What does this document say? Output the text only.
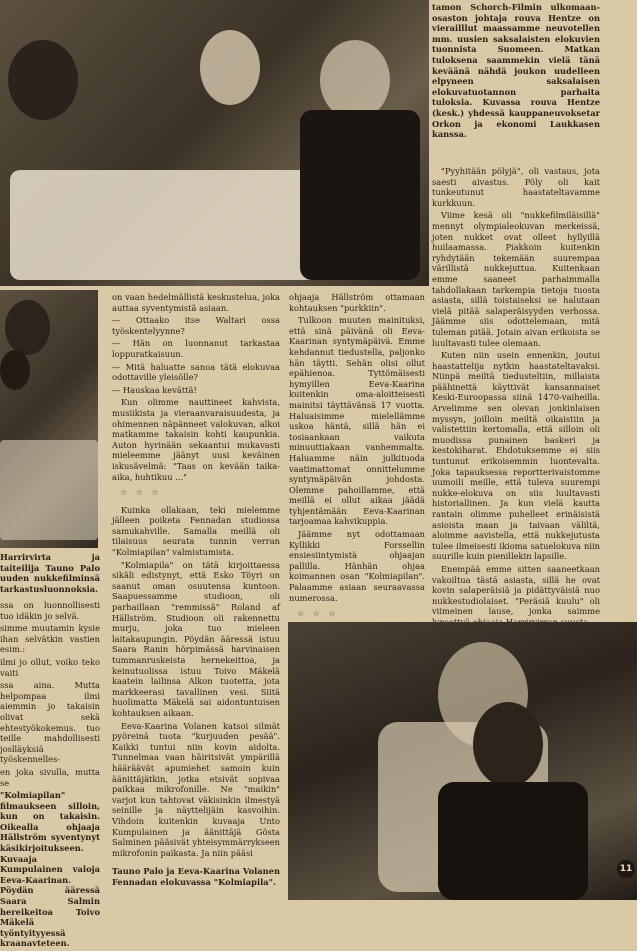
tamon Schorch-Filmin ulkomaan-osaston johtaja rouva Hentze on vierailllut maassamme neuvotellen mm. uusien saksalaisten elokuvien tuonnista Suomeen. Matkan tuloksena saammekin vielä tänä keväänä nähdä joukon uudelleen elpyneen saksalaisen elokuvatuotannon parhaita tuloksia. Kuvassa rouva Hentze (kesk.) yhdessä kauppaneuvoksetar Orkon ja ekonomi Laukkasen kanssa.

Harrirvirta ja taiteilija Tauno Palo uuden nukkefilminsä tarkastusluonnoksia.

ssa on luonnollisesti tuo idäkin jo selvä.

simme muutamin kysie ihan selvätkin vastien esim.:

ilmi jo ollut, voiko teko vaiti

ssa aina. Mutta helpompaa ilmi aiemmin jo takaisin olivat sekä ehtestyökokemus. tuo teille mahdollisesti joslläyksiä työskennelles-

en joka sivulla, mutta se

"Kolmiapilan" filmaukseen silloin, kun on takaisin. Oikealla ohjaaja Hällström syventynyt käsikirjoitukseen. Kuvaaja Kumpulainen valoja Eeva-Kaarinan. Pöydän ääressä Saara Salmin hereikeitoa Toivo Mäkelä työntyityyessä kraanavteteen.

on vaan hedelmällistä keskustelua, joka auttaa syventymistä asiaan.

— Ottaako itse Waltari ossa työskentelyynne?

— Hän on luonnanut tarkastaa loppuratkaisuun.

— Mitä haluatte sanoa tätä elokuvaa odottaville yleisölle?

— Hauskaa kevättä!

Kun olimme nauttineet kahvista, musiikista ja vieraanvaraisuudesta, ja ohimennen näpänneet valokuvan, alkoi matkamme takaisin kohti kaupunkia. Auton hyrinään sekaantui mukavasti mieleemme jäänyt uusi keväinen iskusävelmä: "Taas on kevään taika-aika, huhtikuu ..."

☆ ☆ ☆

Kuinka ollakaan, teki mielemme jälleen poiketa Fennadan studiossa samukahville. Samalla meillä oli tilaisuus seurata tunnin verran "Kolmiapilan" valmistumista.

"Kolmiapila" on tätä kirjoittaessa sikäli edistynyt, että Esko Töyri on saanut oman osuutensa kuntoon. Saapuessamme studioon, oli parhaillaan "remmissä" Roland af Hällström. Studioon oli rakennettu murju, joka tuo mieleen laitakaupungin. Pöydän ääressä istuu Saara Ranin hörpimässä harvinaisen tummanruskeista hernekeittoa, ja keinutuolissa istuu Toivo Mäkelä kaatein lailinsa Alkon tuotetta, jota markkeerasi tavallinen vesi. Siitä huolimatta Mäkelä sai aidontuntuisen kohtauksen aikaan.

Eeva-Kaarina Volanen katsoi silmät pyöreinä tuota "kurjuuden pesää". Kaikki tuntui niin kovin aidolta. Tunnelmaa vaan häiritsivät ympärillä hääräävät apumiehet samoin kuin äänittäjätkin, jotka etsivät sopivaa paikkaa mikrofonille. Ne "maikin" varjot kun tahtovat väkisinkin ilmestyä seinille ja näyttelijäin kasvoihin. Vihdoin kuitenkin kuvaaja Unto Kumpulainen ja äänittäjä Gösta Salminen pääsivät yhteisymmärrykseen mikrofonin paikasta. Ja niin pääsi

Tauno Palo ja Eeva-Kaarina Volanen Fennadan elokuvassa "Kolmiapila".

ohjaaja Hällström ottamaan kohtauksen "purkkiin".

Tulkoon muuten mainituksi, että sinä päivänä oli Eeva-Kaarinan syntymäpäivä. Emme kehdannut tiedustella, paljonko hän täytti. Sehän olisi ollut epähienoa. Tyttömäisesti hymyillen Eeva-Kaarina kuitenkin oma-aloitteisesti mainitsi täyttävänsä 17 vuotta. Haluaisimme mielellämme uskoa häntä, sillä hän ei tosiaankaan vaikuta minuuttiakaan vanhemmalta. Haluamme näin julkituoda vaatimattomat onnittelumme syntymäpäivän johdosta. Olemme pahoillamme, että meillä ei ollut aikaa jäädä tyhjentämään Eeva-Kaarinan tarjoamaa kahvikuppia.

Jäämme nyt odottamaan Kyllikki Forssellin ensiesiintymistä ohjaajan pallilla. Hänhän ohjaa koimannen osan "Kolmiapilan". Palaamme asiaan seuraavassa numerossa.

☆ ☆ ☆

"Pyyhitään pölyjä", oli vastaus, jota saesti aivastus. Pöly oli kait tunkeutunut haastateltavamme kurkkuun.

Viime kesä oli "nukkefilmiläisillä" mennyt olympialeokuvan merkeissä, joten nukket ovat olleet hyllyillä huilaamassa. Piakkoin kuitenkin ryhdytään tekemään suurempaa värillistä nukkejuttua. Kuitenkaan emme saaneet parhaimmalla tahdollakaan tarkempia tietoja tuosta asiasta, sillä toistaiseksi se halutaan vielä pitää salaperäisyyden verhossa. Jäämme siis odottelemaan, mitä tuleman pitää. Jotain aivan erikoista se luultavasti tulee olemaan.

Kuten niin usein ennenkin, joutui haastattelija nytkin haastateltavaksi. Niinpä meiltä tiedusteltiin, millaista päähinettä käyttivät kansannaiset Keski-Euroopassa siinä 1470-vaiheilla. Arvelimme sen olevan jonkinlaisen myssyn, joilloin meiltä oikaistiin ja valistettiin kertomalla, että silloin oli muodissa punainen baskeri ja kestokiharat. Ehdotuksemme ei siis tuntunut erikoisemmin luontevalta. Joka tapauksessa reportterivaistomme uumoili meille, että tuleva suurempi nukke-elokuva on siis luultavasti historiallinen. Ja kun vielä kautta rantain olimme puhelleet erinäisistä asioista maan ja taivaan väliltä, aloimme aavistella, että nukkejutusta tulee ilmeisesti ikioma satuelokuva niin suurille kuin pienillekin lapsille.

Enempää emme sitten saaneetkaan vakoiltua tästä asiasta, sillä he ovat kovin salaperäisiä ja pidättyväisiä nuo nukkestudiolaiset. "Peräsiä kuulu" oli viimeinen lause, jonka saimme

11
